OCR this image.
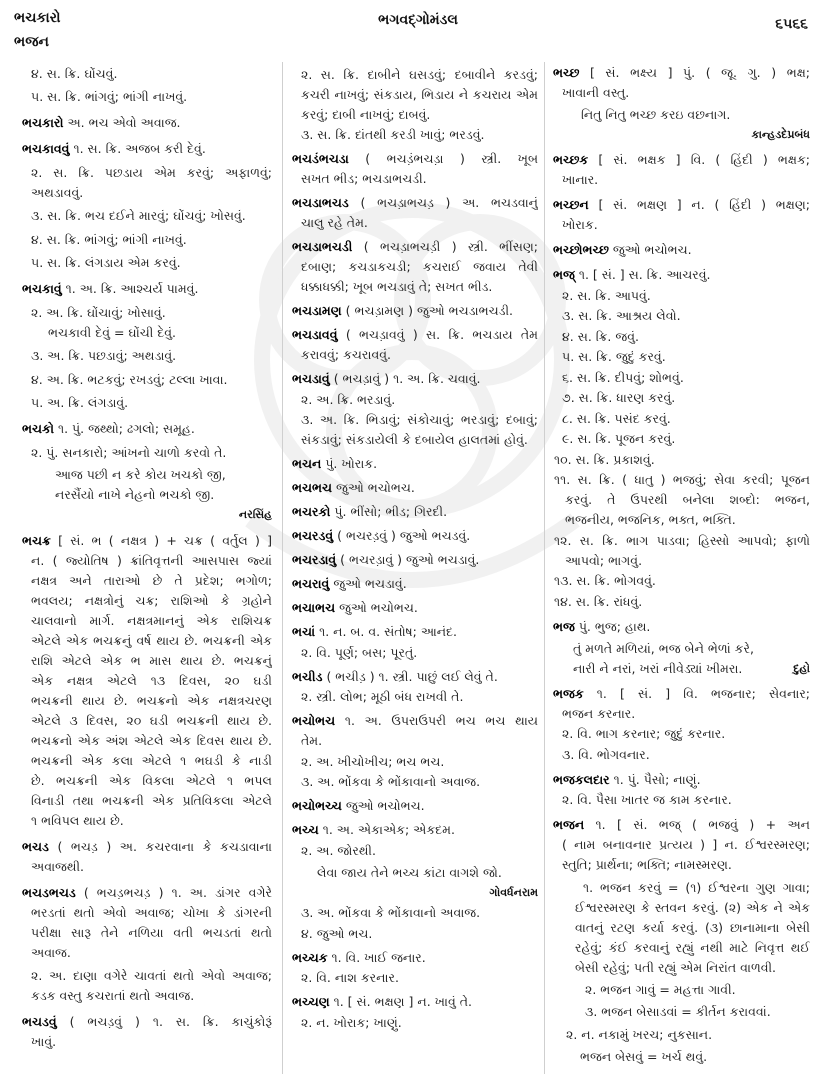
ભચકારો
ભજન
ભગવદ્ગોમંડલ	૬૫૬૬
૪. સ. ક્રિ. ઘોંચવું.
૫. સ. ક્રિ. ભાંગવું; ભાંગી નાખવું.
ભચકારો અ. ભચ એવો અવાજ.
ભચકાવવું ૧. સ. ક્રિ. અજબ કરી દેવું.
૨. સ. ક્રિ. પછડાય એમ કરવું; અફાળવું;
અથડાવવું.
૩. સ. ક્રિ. ભચ દઈને મારવું; ઘોંચવું; ખોસવું.
૪. સ. ક્રિ. ભાંગવું; ભાંગી નાખવું.
૫. સ. ક્રિ. લંગડાય એમ કરવું.
ભચકાવું ૧. અ. ક્રિ. આશ્ચર્ય પામવું.
૨. અ. ક્રિ. ઘોંચાવું; ખોસાવું.
ભચકાવી દેવું = ઘોંચી દેવું.
૩. અ. ક્રિ. પછડાવું; અથડાવું.
૪. અ. ક્રિ. ભટકવું; રખડવું; ટલ્લા ખાવા.
૫. અ. ક્રિ. લંગડાવું.
ભચકો ૧. પું. જથ્થો; ઢગલો; સમૂહ.
૨. પું. સનકારો; આંખનો ચાળો કરવો તે.
આજ પછી ન કરે કોય ખચકો જી,
નરસૈંયો નાખે નેહનો ભચકો જી.
નરસિંહ
ભચક્ર [ સં. ભ ( નક્ષત્ર ) + ચક્ર ( વર્તુલ ) ]
ન. ( જ્યોતિષ ) ક્રાંતિવૃત્તની આસપાસ જ્યાં
નક્ષત્ર અને તારાઓ છે તે પ્રદેશ; ભગોળ;
ભવલય; નક્ષત્રોનું ચક્ર; રાશિઓ કે ગ્રહોને
ચાલવાનો માર્ગ. નક્ષત્રમાનનું એક રાશિચક્ર
એટલે એક ભચક્રનું વર્ષ થાય છે. ભચક્રની એક
રાશિ એટલે એક ભ માસ થાય છે. ભચક્રનું
એક નક્ષત્ર એટલે ૧૩ દિવસ, ૨૦ ઘડી
ભચક્રની થાય છે. ભચક્રનો એક નક્ષત્રચરણ
એટલે ૩ દિવસ, ૨૦ ઘડી ભચક્રની થાય છે.
ભચક્રનો એક અંશ એટલે એક દિવસ થાય છે.
ભચક્રની એક કલા એટલે ૧ ભઘડી કે નાડી
છે. ભચક્રની એક વિકલા એટલે ૧ ભપલ
વિનાડી તથા ભચક્રની એક પ્રતિવિકલા એટલે
૧ ભવિપલ થાય છે.
ભચડ ( ભચડ઼ ) અ. કચરવાના કે કચડાવાના
અવાજથી.
ભચડભચડ ( ભચડ઼ભચડ઼ ) ૧. અ. ડાંગર વગેરે
ભરડતાં થતો એવો અવાજ; ચોખા કે ડાંગરની
પરીક્ષા સારૂ તેને નળિયા વતી ભચડતાં થતો
અવાજ.
૨. અ. દાણા વગેરે ચાવતાં થતો એવો અવાજ;
કડક વસ્તુ કચરાતાં થતો અવાજ.
ભચડવું ( ભચડ઼વું ) ૧. સ. ક્રિ. કાચુંકોરૂં
ખાવું.
૨. સ. ક્રિ. દાબીને ઘસડવું; દબાવીને કરડવું;
કચરી નાખવું; સંકડાય, ભિડાય ને કચરાય એમ
કરવું; દાબી નાખવું; દાબવું.
૩. સ. ક્રિ. દાંતથી કરડી ખાવું; ભરડવું.
ભચડંભચડા ( ભચડ઼ંભચડ઼ા ) સ્ત્રી. ખૂબ
સખત ભીડ; ભચડાભચડી.
ભચડાભચડ ( ભચડ઼ાભચડ઼ ) અ. ભચડવાનું
ચાલુ રહે તેમ.
ભચડાભચડી ( ભચડ઼ાભચડ઼ી ) સ્ત્રી. ભીંસણ;
દબાણ; કચડાકચડી; કચરાઈ જવાય તેવી
ધક્કાધક્કી; ખૂબ ભચડાવું તે; સખત ભીડ.
ભચડામણ ( ભચડ઼ામણ ) જુઓ ભચડાભચડી.
ભચડાવવું ( ભચડ઼ાવવું ) સ. ક્રિ. ભચડાય તેમ
કરાવવું; કચરાવવું.
ભચડાવું ( ભચડ઼ાવું ) ૧. અ. ક્રિ. ચવાવું.
૨. અ. ક્રિ. ભરડાવું.
૩. અ. ક્રિ. ભિડાવું; સંકોચાવું; ભરડાવું; દબાવું;
સંકડાવું; સંકડાયેલી કે દબાયેલ હાલતમાં હોવું.
ભચન પું. ખોરાક.
ભચભચ જુઓ ભચોભચ.
ભચરકો પું. ભીંસો; ભીડ; ગિરદી.
ભચરડવું ( ભચરડ઼વું ) જુઓ ભચડવું.
ભચરડાવું ( ભચરડ઼ાવું ) જુઓ ભચડાવું.
ભચરાવું જુઓ ભચડાવું.
ભચાભચ જુઓ ભચોભચ.
ભચાં ૧. ન. બ. વ. સંતોષ; આનંદ.
૨. વિ. પૂર્ણ; બસ; પૂરતું.
ભચીડ ( ભચીડ઼ ) ૧. સ્ત્રી. પાછું લઈ લેવું તે.
૨. સ્ત્રી. લોભ; મૂઠી બંધ રાખવી તે.
ભચોભચ ૧. અ. ઉપરાઉપરી ભચ ભચ થાય
તેમ.
૨. અ. ખીચોખીચ; ભચ ભચ.
૩. અ. ભોંકવા કે ભોંકાવાનો અવાજ.
ભચોભચ્ચ જુઓ ભચોભચ.
ભચ્ચ ૧. અ. એકાએક; એકદમ.
૨. અ. જોરથી.
લેવા જાય તેને ભચ્ચ કાંટા વાગશે જો.
ગોવર્ધનરામ
૩. અ. ભોંકવા કે ભોંકાવાનો અવાજ.
૪. જુઓ ભચ.
ભચ્ચક ૧. વિ. ખાઈ જનાર.
૨. વિ. નાશ કરનાર.
ભચ્ચણ ૧. [ સં. ભક્ષણ ] ન. ખાવું તે.
૨. ન. ખોરાક; ખાણું.
ભચ્છ [ સં. ભક્ષ્ય ] પું. ( જૂ. ગુ. ) ભક્ષ;
ખાવાની વસ્તુ.
નિતુ નિતુ ભચ્છ કરઇ વછનાગ.
કાન્હડદેપ્રબંધ
ભચ્છક [ સં. ભક્ષક ] વિ. ( હિંદી ) ભક્ષક;
ખાનાર.
ભચ્છન [ સં. ભક્ષણ ] ન. ( હિંદી ) ભક્ષણ;
ખોરાક.
ભચ્છોભચ્છ જુઓ ભચોભચ.
ભજ્ ૧. [ સં. ] સ. ક્રિ. આચરવું.
૨. સ. ક્રિ. આપવું.
૩. સ. ક્રિ. આશ્રય લેવો.
૪. સ. ક્રિ. જવું.
૫. સ. ક્રિ. જુદું કરવું.
૬. સ. ક્રિ. દીપવું; શોભવું.
૭. સ. ક્રિ. ધારણ કરવું.
૮. સ. ક્રિ. પસંદ કરવું.
૯. સ. ક્રિ. પૂજન કરવું.
૧૦. સ. ક્રિ. પ્રકાશવું.
૧૧. સ. ક્રિ. ( ધાતુ ) ભજવું; સેવા કરવી; પૂજન
કરવું. તે ઉપરથી બનેલા શબ્દો: ભજન,
ભજનીય, ભજનિક, ભક્ત, ભક્તિ.
૧૨. સ. ક્રિ. ભાગ પાડવા; હિસ્સો આપવો; ફાળો
આપવો; ભાગવું.
૧૩. સ. ક્રિ. ભોગવવું.
૧૪. સ. ક્રિ. રાંધવું.
ભજ પું. ભુજ; હાથ.
તું મળતે મળિયાં, ભજ બેને ભેળાં કરે,
નારી ને નરાં, ખરાં નીવેડ્યાં ખીમરા.	દુહો
ભજક ૧. [ સં. ] વિ. ભજનાર; સેવનાર;
ભજન કરનાર.
૨. વિ. ભાગ કરનાર; જુદું કરનાર.
૩. વિ. ભોગવનાર.
ભજકલદાર ૧. પું. પૈસો; નાણું.
૨. વિ. પૈસા ખાતર જ કામ કરનાર.
ભજન ૧. [ સં. ભજ્ ( ભજવું ) + અન
( નામ બનાવનાર પ્રત્યય ) ] ન. ઈશ્વરસ્મરણ;
સ્તુતિ; પ્રાર્થના; ભક્તિ; નામસ્મરણ.
૧. ભજન કરવું = (૧) ઈશ્વરના ગુણ ગાવા;
ઈશ્વરસ્મરણ કે સ્તવન કરવું. (૨) એક ને એક
વાતનું રટણ કર્યા કરવું. (૩) છાનામાના બેસી
રહેવું; કંઈ કરવાનું રહ્યું નથી માટે નિવૃત્ત થઈ
બેસી રહેવું; પતી રહ્યું એમ નિરાંત વાળવી.
૨. ભજન ગાવું = મહત્તા ગાવી.
૩. ભજન બેસાડવાં = કીર્તન કરાવવાં.
૨. ન. નકામું ખરચ; નુકસાન.
ભજન બેસવું = ખર્ચ થવું.
